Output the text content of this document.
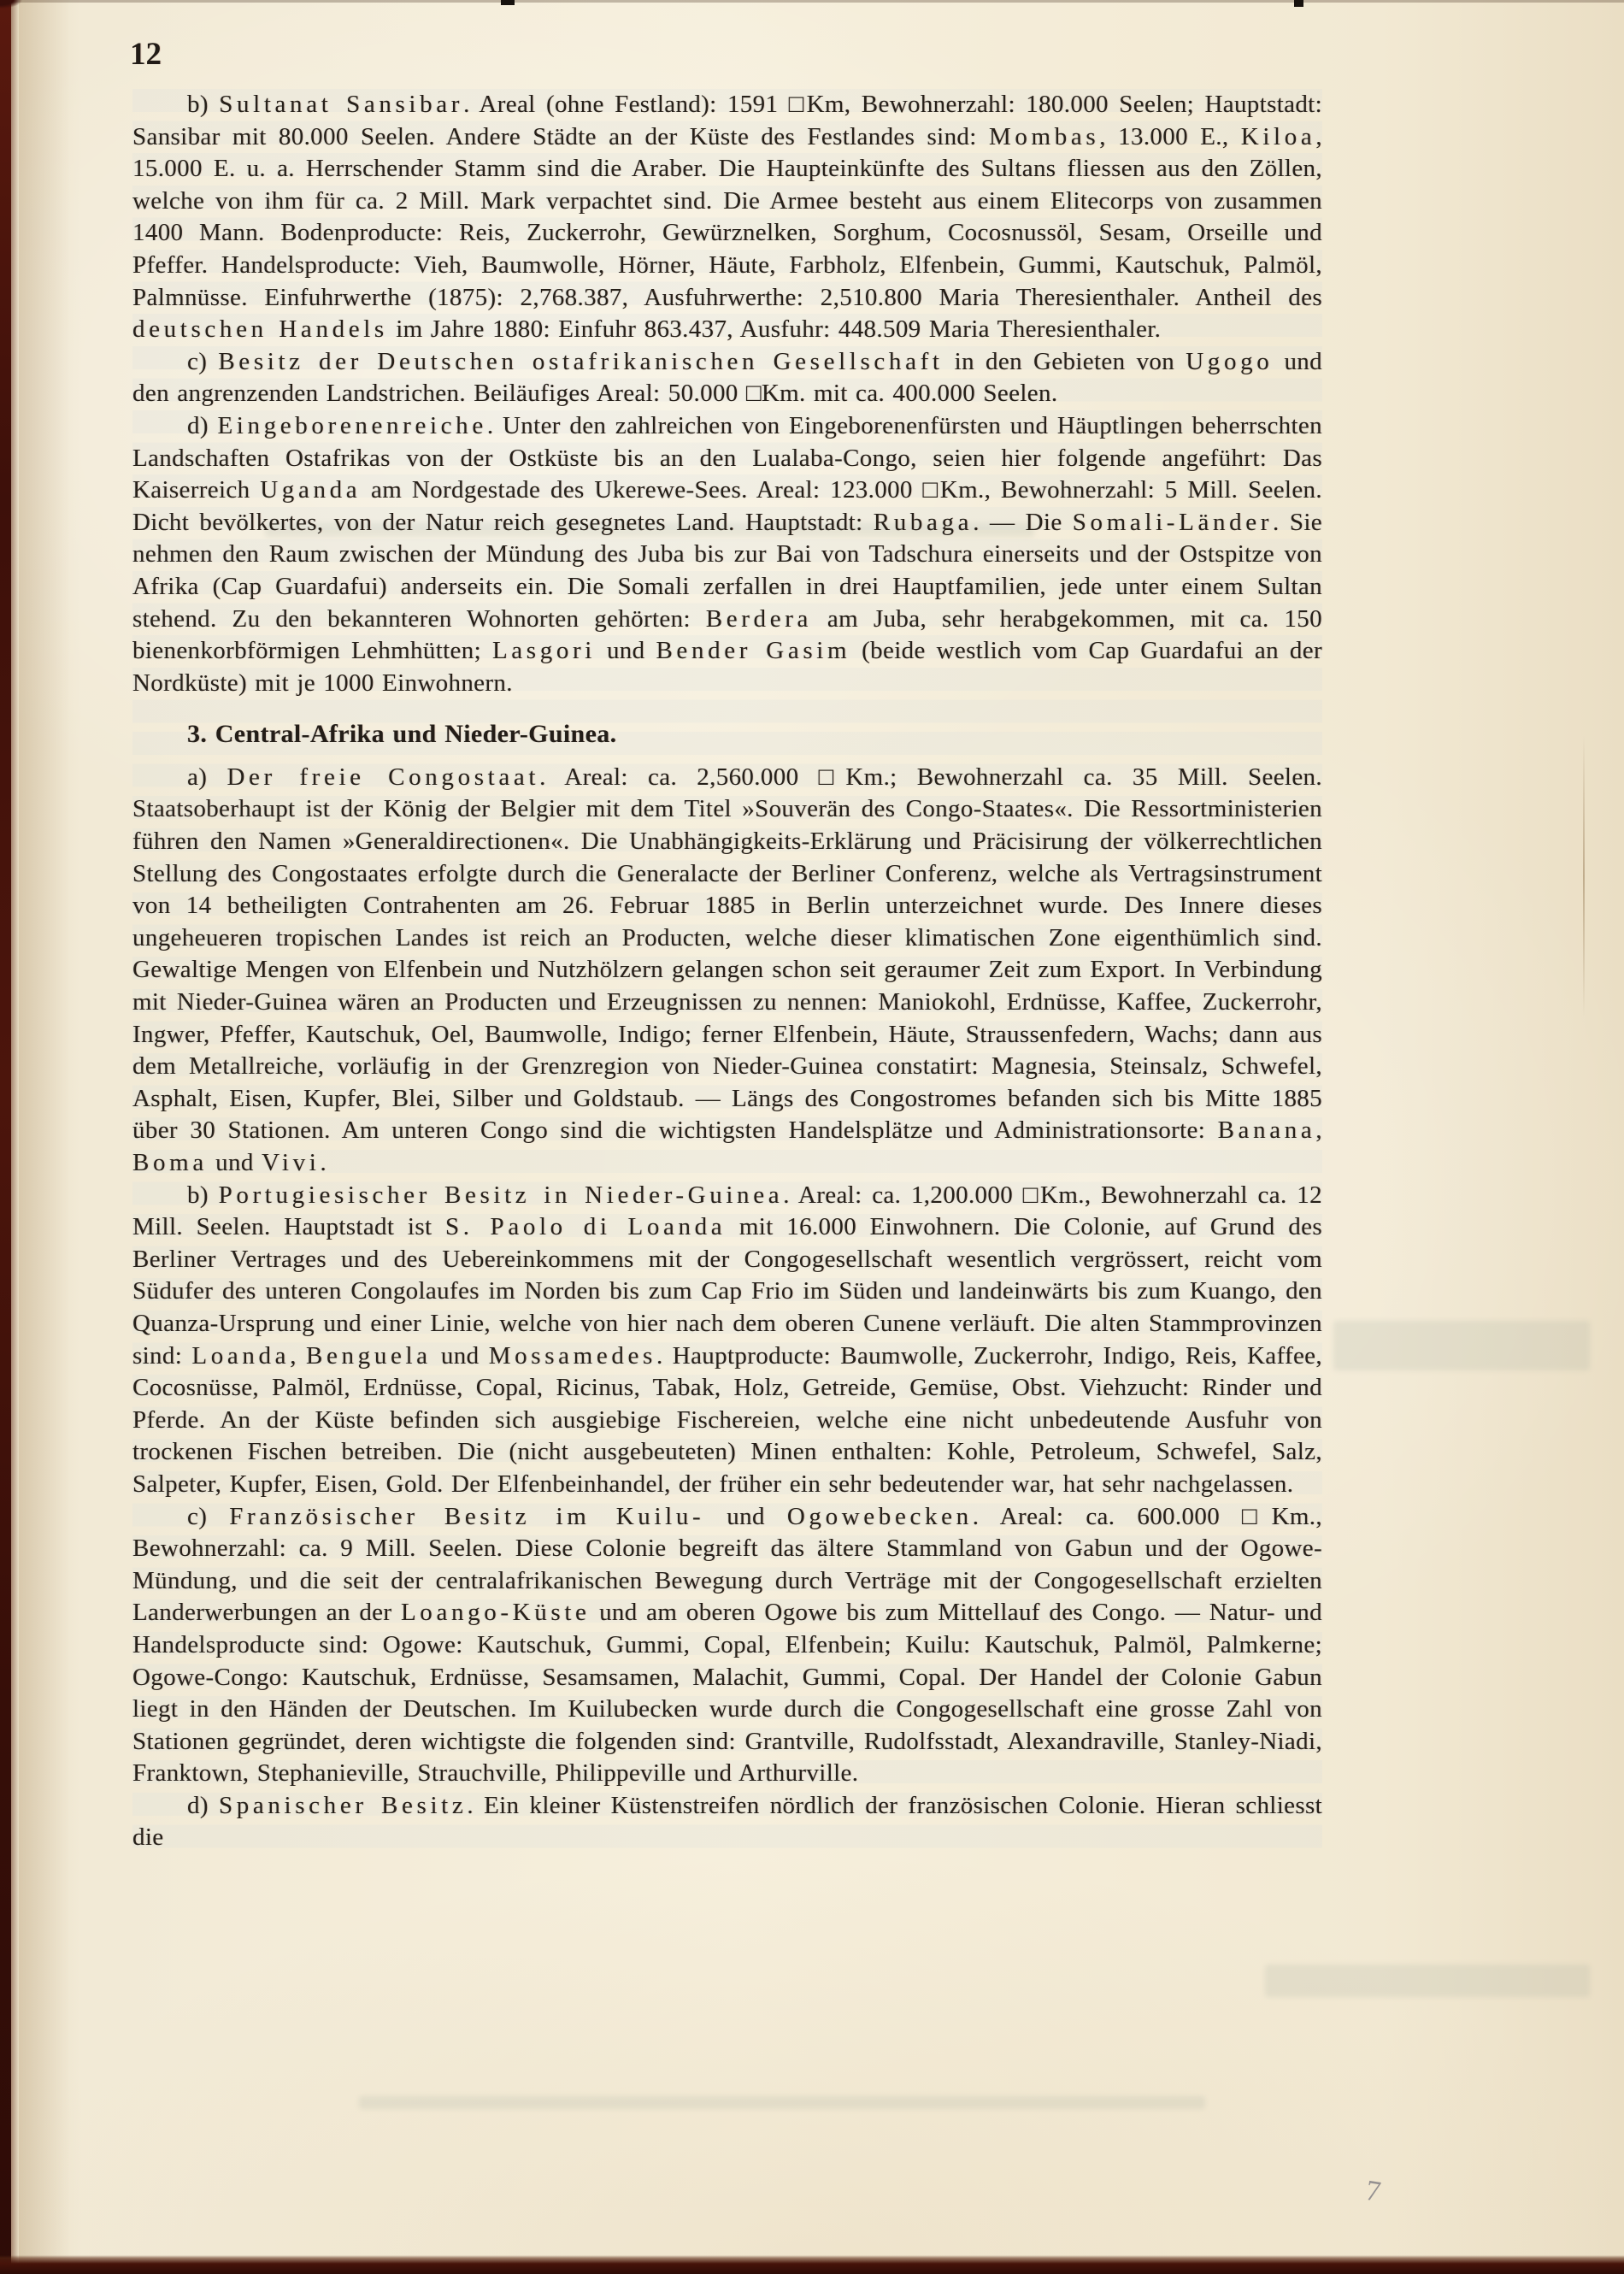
12

b) Sultanat Sansibar. Areal (ohne Festland): 1591 □Km, Bewohnerzahl: 180.000 Seelen; Hauptstadt: Sansibar mit 80.000 Seelen. Andere Städte an der Küste des Festlandes sind: Mombas, 13.000 E., Kiloa, 15.000 E. u. a. Herrschender Stamm sind die Araber. Die Haupteinkünfte des Sultans fliessen aus den Zöllen, welche von ihm für ca. 2 Mill. Mark verpachtet sind. Die Armee besteht aus einem Elitecorps von zusammen 1400 Mann. Bodenproducte: Reis, Zuckerrohr, Gewürznelken, Sorghum, Cocosnussöl, Sesam, Orseille und Pfeffer. Handelsproducte: Vieh, Baumwolle, Hörner, Häute, Farbholz, Elfenbein, Gummi, Kautschuk, Palmöl, Palmnüsse. Einfuhrwerthe (1875): 2,768.387, Ausfuhrwerthe: 2,510.800 Maria Theresienthaler. Antheil des deutschen Handels im Jahre 1880: Einfuhr 863.437, Ausfuhr: 448.509 Maria Theresienthaler.

c) Besitz der Deutschen ostafrikanischen Gesellschaft in den Gebieten von Ugogo und den angrenzenden Landstrichen. Beiläufiges Areal: 50.000 □Km. mit ca. 400.000 Seelen.

d) Eingeborenenreiche. Unter den zahlreichen von Eingeborenenfürsten und Häuptlingen beherrschten Landschaften Ostafrikas von der Ostküste bis an den Lualaba-Congo, seien hier folgende angeführt: Das Kaiserreich Uganda am Nordgestade des Ukerewe-Sees. Areal: 123.000 □Km., Bewohnerzahl: 5 Mill. Seelen. Dicht bevölkertes, von der Natur reich gesegnetes Land. Hauptstadt: Rubaga. — Die Somali-Länder. Sie nehmen den Raum zwischen der Mündung des Juba bis zur Bai von Tadschura einerseits und der Ostspitze von Afrika (Cap Guardafui) anderseits ein. Die Somali zerfallen in drei Hauptfamilien, jede unter einem Sultan stehend. Zu den bekannteren Wohnorten gehörten: Berdera am Juba, sehr herabgekommen, mit ca. 150 bienenkorbförmigen Lehmhütten; Lasgori und Bender Gasim (beide westlich vom Cap Guardafui an der Nordküste) mit je 1000 Einwohnern.

3. Central-Afrika und Nieder-Guinea.

a) Der freie Congostaat. Areal: ca. 2,560.000 □Km.; Bewohnerzahl ca. 35 Mill. Seelen. Staatsoberhaupt ist der König der Belgier mit dem Titel »Souverän des Congo-Staates«. Die Ressortministerien führen den Namen »Generaldirectionen«. Die Unabhängigkeits-Erklärung und Präcisirung der völkerrechtlichen Stellung des Congostaates erfolgte durch die Generalacte der Berliner Conferenz, welche als Vertragsinstrument von 14 betheiligten Contrahenten am 26. Februar 1885 in Berlin unterzeichnet wurde. Des Innere dieses ungeheueren tropischen Landes ist reich an Producten, welche dieser klimatischen Zone eigenthümlich sind. Gewaltige Mengen von Elfenbein und Nutzhölzern gelangen schon seit geraumer Zeit zum Export. In Verbindung mit Nieder-Guinea wären an Producten und Erzeugnissen zu nennen: Maniokohl, Erdnüsse, Kaffee, Zuckerrohr, Ingwer, Pfeffer, Kautschuk, Oel, Baumwolle, Indigo; ferner Elfenbein, Häute, Straussenfedern, Wachs; dann aus dem Metallreiche, vorläufig in der Grenzregion von Nieder-Guinea constatirt: Magnesia, Steinsalz, Schwefel, Asphalt, Eisen, Kupfer, Blei, Silber und Goldstaub. — Längs des Congostromes befanden sich bis Mitte 1885 über 30 Stationen. Am unteren Congo sind die wichtigsten Handelsplätze und Administrationsorte: Banana, Boma und Vivi.

b) Portugiesischer Besitz in Nieder-Guinea. Areal: ca. 1,200.000 □Km., Bewohnerzahl ca. 12 Mill. Seelen. Hauptstadt ist S. Paolo di Loanda mit 16.000 Einwohnern. Die Colonie, auf Grund des Berliner Vertrages und des Uebereinkommens mit der Congogesellschaft wesentlich vergrössert, reicht vom Südufer des unteren Congolaufes im Norden bis zum Cap Frio im Süden und landeinwärts bis zum Kuango, den Quanza-Ursprung und einer Linie, welche von hier nach dem oberen Cunene verläuft. Die alten Stammprovinzen sind: Loanda, Benguela und Mossamedes. Hauptproducte: Baumwolle, Zuckerrohr, Indigo, Reis, Kaffee, Cocosnüsse, Palmöl, Erdnüsse, Copal, Ricinus, Tabak, Holz, Getreide, Gemüse, Obst. Viehzucht: Rinder und Pferde. An der Küste befinden sich ausgiebige Fischereien, welche eine nicht unbedeutende Ausfuhr von trockenen Fischen betreiben. Die (nicht ausgebeuteten) Minen enthalten: Kohle, Petroleum, Schwefel, Salz, Salpeter, Kupfer, Eisen, Gold. Der Elfenbeinhandel, der früher ein sehr bedeutender war, hat sehr nachgelassen.

c) Französischer Besitz im Kuilu- und Ogowebecken. Areal: ca. 600.000 □Km., Bewohnerzahl: ca. 9 Mill. Seelen. Diese Colonie begreift das ältere Stammland von Gabun und der Ogowe-Mündung, und die seit der centralafrikanischen Bewegung durch Verträge mit der Congogesellschaft erzielten Landerwerbungen an der Loango-Küste und am oberen Ogowe bis zum Mittellauf des Congo. — Natur- und Handelsproducte sind: Ogowe: Kautschuk, Gummi, Copal, Elfenbein; Kuilu: Kautschuk, Palmöl, Palmkerne; Ogowe-Congo: Kautschuk, Erdnüsse, Sesamsamen, Malachit, Gummi, Copal. Der Handel der Colonie Gabun liegt in den Händen der Deutschen. Im Kuilubecken wurde durch die Congogesellschaft eine grosse Zahl von Stationen gegründet, deren wichtigste die folgenden sind: Grantville, Rudolfsstadt, Alexandraville, Stanley-Niadi, Franktown, Stephanieville, Strauchville, Philippeville und Arthurville.

d) Spanischer Besitz. Ein kleiner Küstenstreifen nördlich der französischen Colonie. Hieran schliesst die

7
